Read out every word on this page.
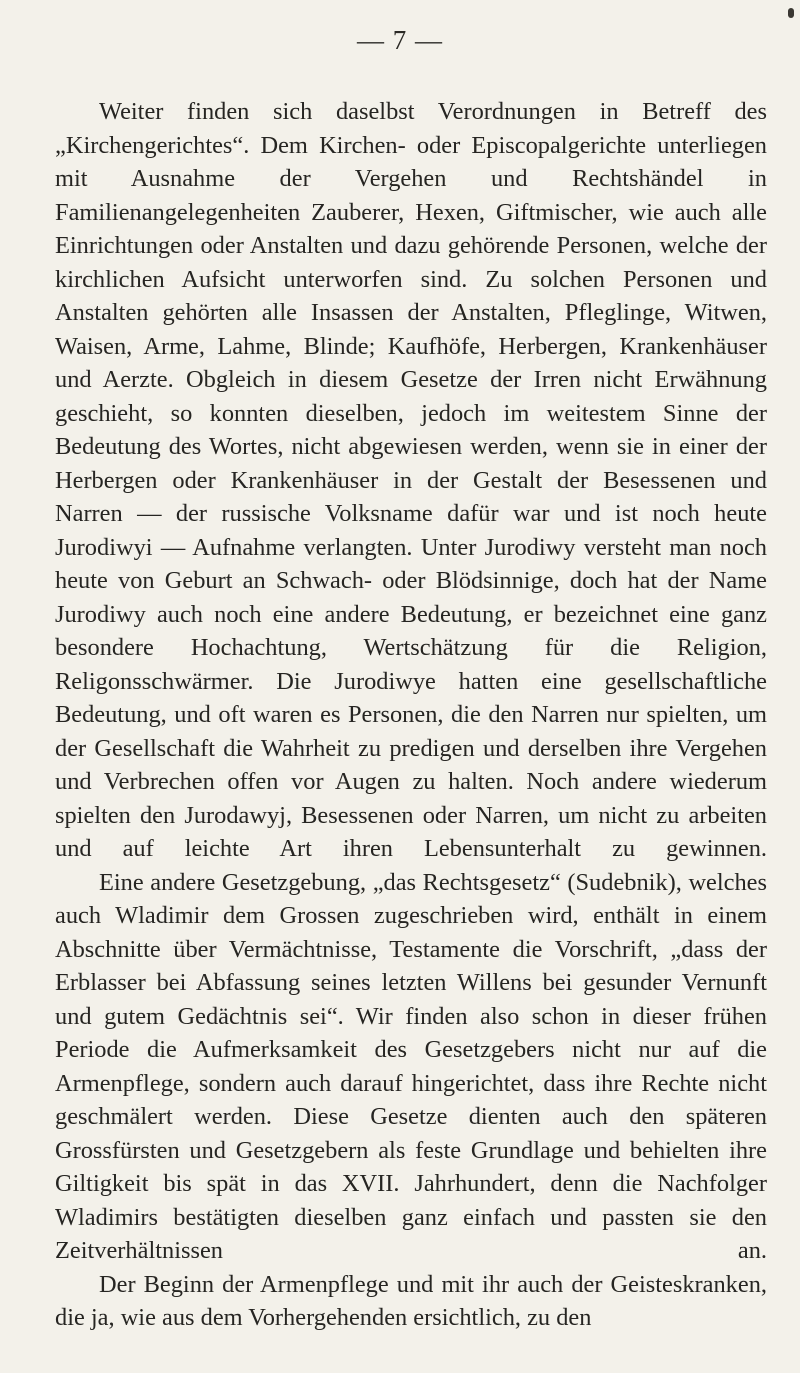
— 7 —

Weiter finden sich daselbst Verordnungen in Betreff des „Kirchengerichtes“. Dem Kirchen- oder Episcopalgerichte unterliegen mit Ausnahme der Vergehen und Rechtshändel in Familienangelegenheiten Zauberer, Hexen, Giftmischer, wie auch alle Einrichtungen oder Anstalten und dazu gehörende Personen, welche der kirchlichen Aufsicht unterworfen sind. Zu solchen Personen und Anstalten gehörten alle Insassen der Anstalten, Pfleglinge, Witwen, Waisen, Arme, Lahme, Blinde; Kaufhöfe, Herbergen, Krankenhäuser und Aerzte. Obgleich in diesem Gesetze der Irren nicht Erwähnung geschieht, so konnten dieselben, jedoch im weitestem Sinne der Bedeutung des Wortes, nicht abgewiesen werden, wenn sie in einer der Herbergen oder Krankenhäuser in der Gestalt der Besessenen und Narren — der russische Volksname dafür war und ist noch heute Jurodiwyi — Aufnahme verlangten. Unter Jurodiwy versteht man noch heute von Geburt an Schwach- oder Blödsinnige, doch hat der Name Jurodiwy auch noch eine andere Bedeutung, er bezeichnet eine ganz besondere Hochachtung, Wertschätzung für die Religion, Religonsschwärmer. Die Jurodiwye hatten eine gesellschaftliche Bedeutung, und oft waren es Personen, die den Narren nur spielten, um der Gesellschaft die Wahrheit zu predigen und derselben ihre Vergehen und Verbrechen offen vor Augen zu halten. Noch andere wiederum spielten den Jurodawyj, Besessenen oder Narren, um nicht zu arbeiten und auf leichte Art ihren Lebensunterhalt zu gewinnen.

Eine andere Gesetzgebung, „das Rechtsgesetz“ (Sudebnik), welches auch Wladimir dem Grossen zugeschrieben wird, enthält in einem Abschnitte über Vermächtnisse, Testamente die Vorschrift, „dass der Erblasser bei Abfassung seines letzten Willens bei gesunder Vernunft und gutem Gedächtnis sei“. Wir finden also schon in dieser frühen Periode die Aufmerksamkeit des Gesetzgebers nicht nur auf die Armenpflege, sondern auch darauf hingerichtet, dass ihre Rechte nicht geschmälert werden. Diese Gesetze dienten auch den späteren Grossfürsten und Gesetzgebern als feste Grundlage und behielten ihre Giltigkeit bis spät in das XVII. Jahrhundert, denn die Nachfolger Wladimirs bestätigten dieselben ganz einfach und passten sie den Zeitverhältnissen an.

Der Beginn der Armenpflege und mit ihr auch der Geisteskranken, die ja, wie aus dem Vorhergehenden ersichtlich, zu den
